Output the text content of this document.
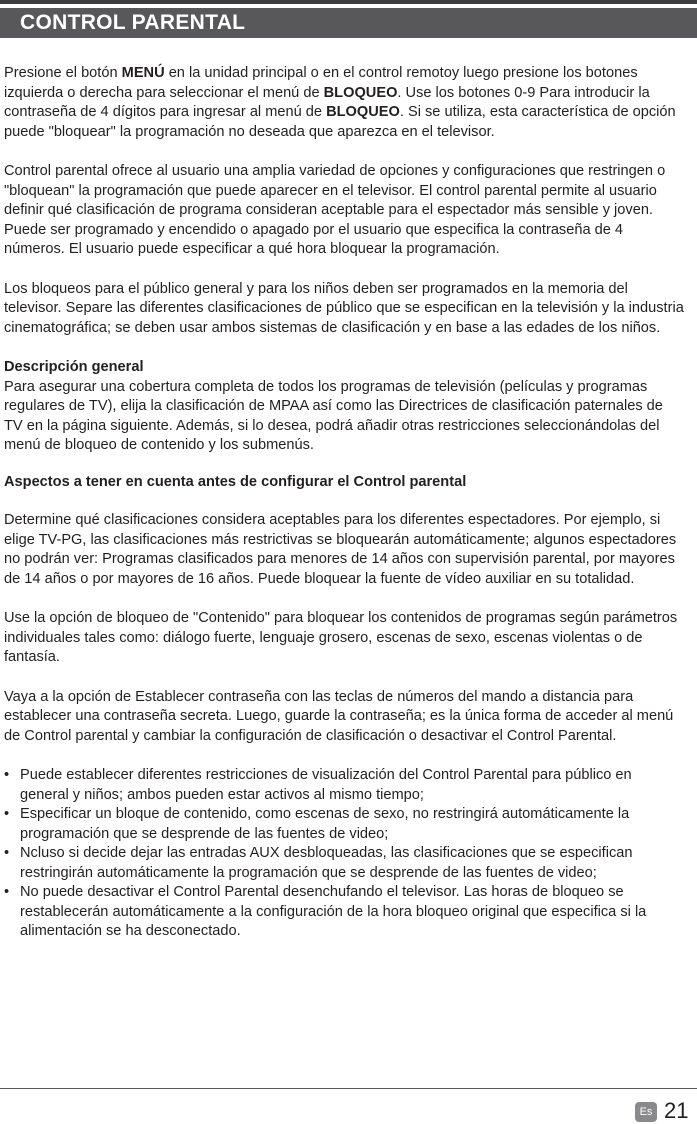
CONTROL PARENTAL

Presione el botón MENÚ en la unidad principal o en el control remotoy luego presione los botones izquierda o derecha para seleccionar el menú de BLOQUEO. Use los botones 0-9 Para introducir la contraseña de 4 dígitos para ingresar al menú de BLOQUEO. Si se utiliza, esta característica de opción puede "bloquear" la programación no deseada que aparezca en el televisor.

Control parental ofrece al usuario una amplia variedad de opciones y configuraciones que restringen o "bloquean" la programación que puede aparecer en el televisor. El control parental permite al usuario definir qué clasificación de programa consideran aceptable para el espectador más sensible y joven. Puede ser programado y encendido o apagado por el usuario que especifica la contraseña de 4 números. El usuario puede especificar a qué hora bloquear la programación.

Los bloqueos para el público general y para los niños deben ser programados en la memoria del televisor. Separe las diferentes clasificaciones de público que se especifican en la televisión y la industria cinematográfica; se deben usar ambos sistemas de clasificación y en base a las edades de los niños.

Descripción general
Para asegurar una cobertura completa de todos los programas de televisión (películas y programas regulares de TV), elija la clasificación de MPAA así como las Directrices de clasificación paternales de TV en la página siguiente. Además, si lo desea, podrá añadir otras restricciones seleccionándolas del menú de bloqueo de contenido y los submenús.

Aspectos a tener en cuenta antes de configurar el Control parental

Determine qué clasificaciones considera aceptables para los diferentes espectadores. Por ejemplo, si elige TV-PG, las clasificaciones más restrictivas se bloquearán automáticamente; algunos espectadores no podrán ver: Programas clasificados para menores de 14 años con supervisión parental, por mayores de 14 años o por mayores de 16 años. Puede bloquear la fuente de vídeo auxiliar en su totalidad.

Use la opción de bloqueo de "Contenido" para bloquear los contenidos de programas según parámetros individuales tales como: diálogo fuerte, lenguaje grosero, escenas de sexo, escenas violentas o de fantasía.

Vaya a la opción de Establecer contraseña con las teclas de números del mando a distancia para establecer una contraseña secreta. Luego, guarde la contraseña; es la única forma de acceder al menú de Control parental y cambiar la configuración de clasificación o desactivar el Control Parental.

• Puede establecer diferentes restricciones de visualización del Control Parental para público en general y niños; ambos pueden estar activos al mismo tiempo;
• Especificar un bloque de contenido, como escenas de sexo, no restringirá automáticamente la programación que se desprende de las fuentes de video;
• Ncluso si decide dejar las entradas AUX desbloqueadas, las clasificaciones que se especifican restringirán automáticamente la programación que se desprende de las fuentes de video;
• No puede desactivar el Control Parental desenchufando el televisor. Las horas de bloqueo se restablecerán automáticamente a la configuración de la hora bloqueo original que especifica si la alimentación se ha desconectado.
Es 21
